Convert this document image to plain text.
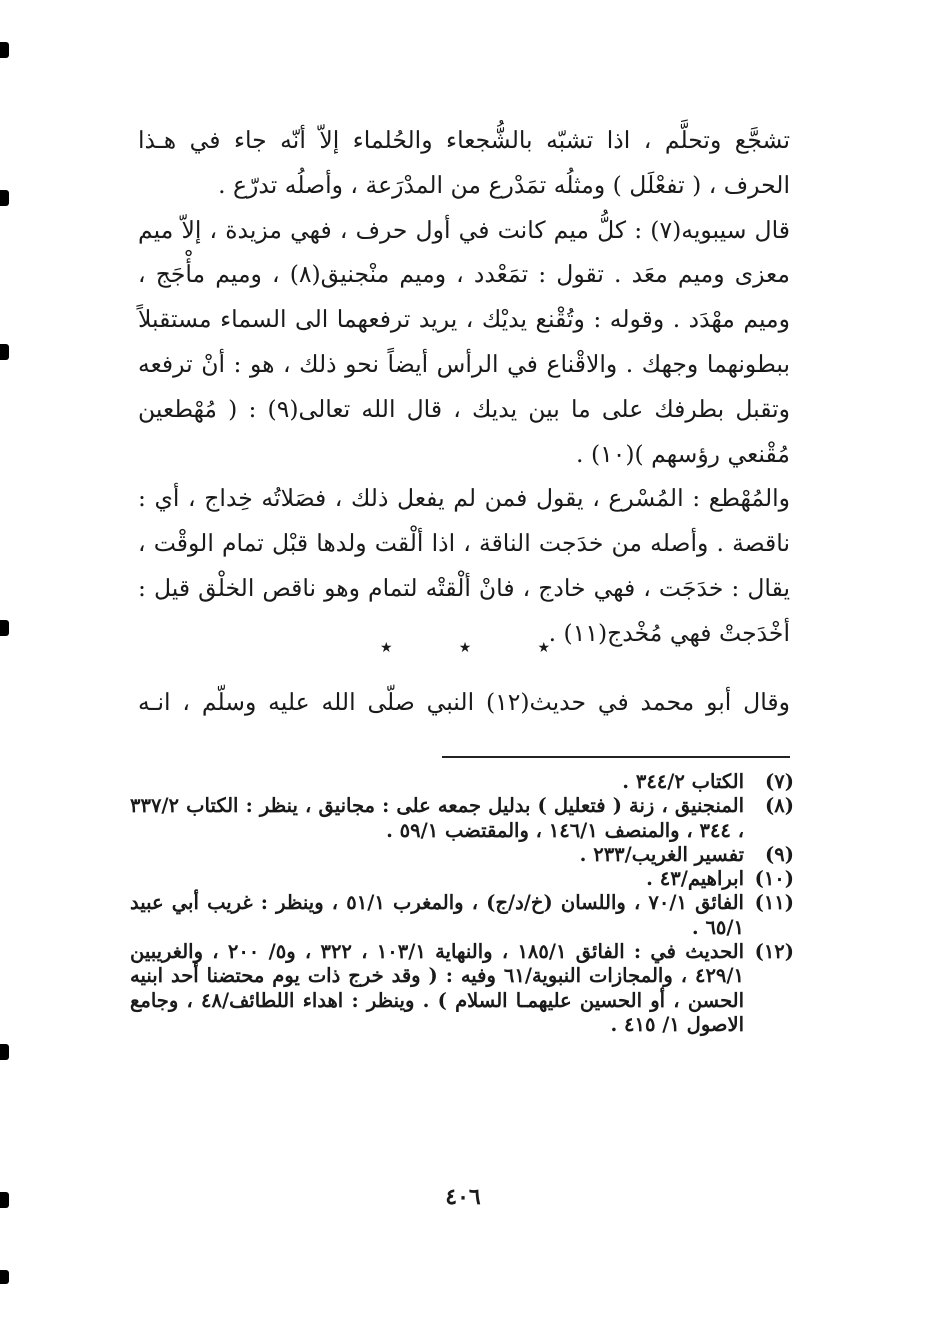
تشجَّع وتحلَّم ، اذا تشبّه بالشُّجعاء والحُلماء إلاّ أنّه جاء في هـذا الحرف ، ( تفعْلَل ) ومثلُه تمَدْرع من المدْرَعة ، وأصلُه تدرّع .

قال سيبويه(٧) : كلُّ ميم كانت في أول حرف ، فهي مزيدة ، إلاّ ميم معزى وميم معَد . تقول : تمَعْدد ، وميم منْجنيق(٨) ، وميم مأْجَج ، وميم مهْدَد . وقوله : وتُقْنع يديْك ، يريد ترفعهما الى السماء مستقبلاً ببطونهما وجهك . والاقْناع في الرأس أيضاً نحو ذلك ، هو : أنْ ترفعه وتقبل بطرفك على ما بين يديك ، قال الله تعالى(٩) : ( مُهْطعين مُقْنعي رؤسهم )(١٠) .

والمُهْطع : المُسْرع ، يقول فمن لم يفعل ذلك ، فصَلاتُه خِداج ، أي : ناقصة . وأصله من خدَجت الناقة ، اذا ألْقت ولدها قبْل تمام الوقْت ، يقال : خدَجَت ، فهي خادج ، فانْ ألْقتْه لتمام وهو ناقص الخلْق قيل : أخْدَجتْ فهي مُخْدج(١١) .

★	★	★
وقال أبو محمد في حديث(١٢) النبي صلّى الله عليه وسلّم ، انـه
(٧)
الكتاب ٣٤٤/٢ .
(٨)
المنجنيق ، زنة ( فتعليل ) بدليل جمعه على : مجانيق ، ينظر : الكتاب ٣٣٧/٢ ، ٣٤٤ ، والمنصف ١٤٦/١ ، والمقتضب ٥٩/١ .
(٩)
تفسير الغريب/٢٣٣ .
(١٠)
ابراهيم/٤٣ .
(١١)
الفائق ٧٠/١ ، واللسان (خ/د/ج) ، والمغرب ٥١/١ ، وينظر : غريب أبي عبيد ٦٥/١ .
(١٢)
الحديث في : الفائق ١٨٥/١ ، والنهاية ١٠٣/١ ، ٣٢٢ ، و٥/ ٢٠٠ ، والغريبين ٤٢٩/١ ، والمجازات النبوية/٦١ وفيه : ( وقد خرج ذات يوم محتضنا أحد ابنيه الحسن ، أو الحسين عليهمـا السلام ) . وينظر : اهداء اللطائف/٤٨ ، وجامع الاصول ١/ ٤١٥ .
٤٠٦
